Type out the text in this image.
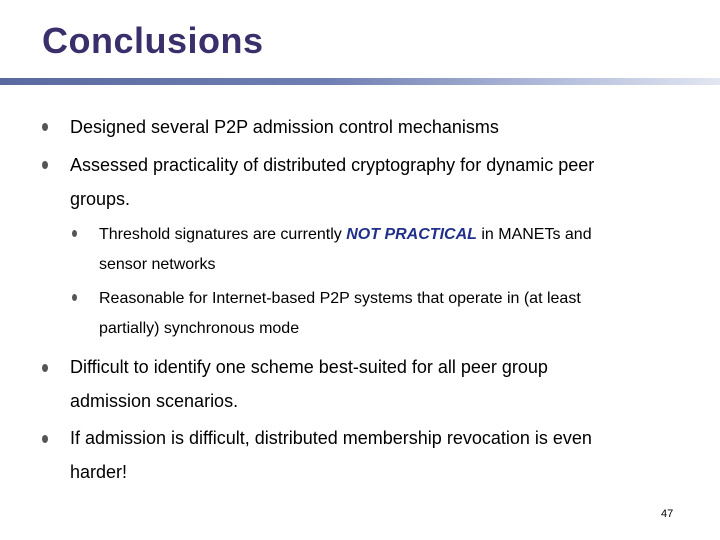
Conclusions
Designed several P2P admission control mechanisms
Assessed practicality of distributed cryptography for dynamic peer
groups.
Threshold signatures are currently NOT PRACTICAL in MANETs and
sensor networks
Reasonable for Internet-based P2P systems that operate in (at least
partially) synchronous mode
Difficult to identify one scheme best-suited for all peer group
admission scenarios.
If admission is difficult, distributed membership revocation is even
harder!
47
